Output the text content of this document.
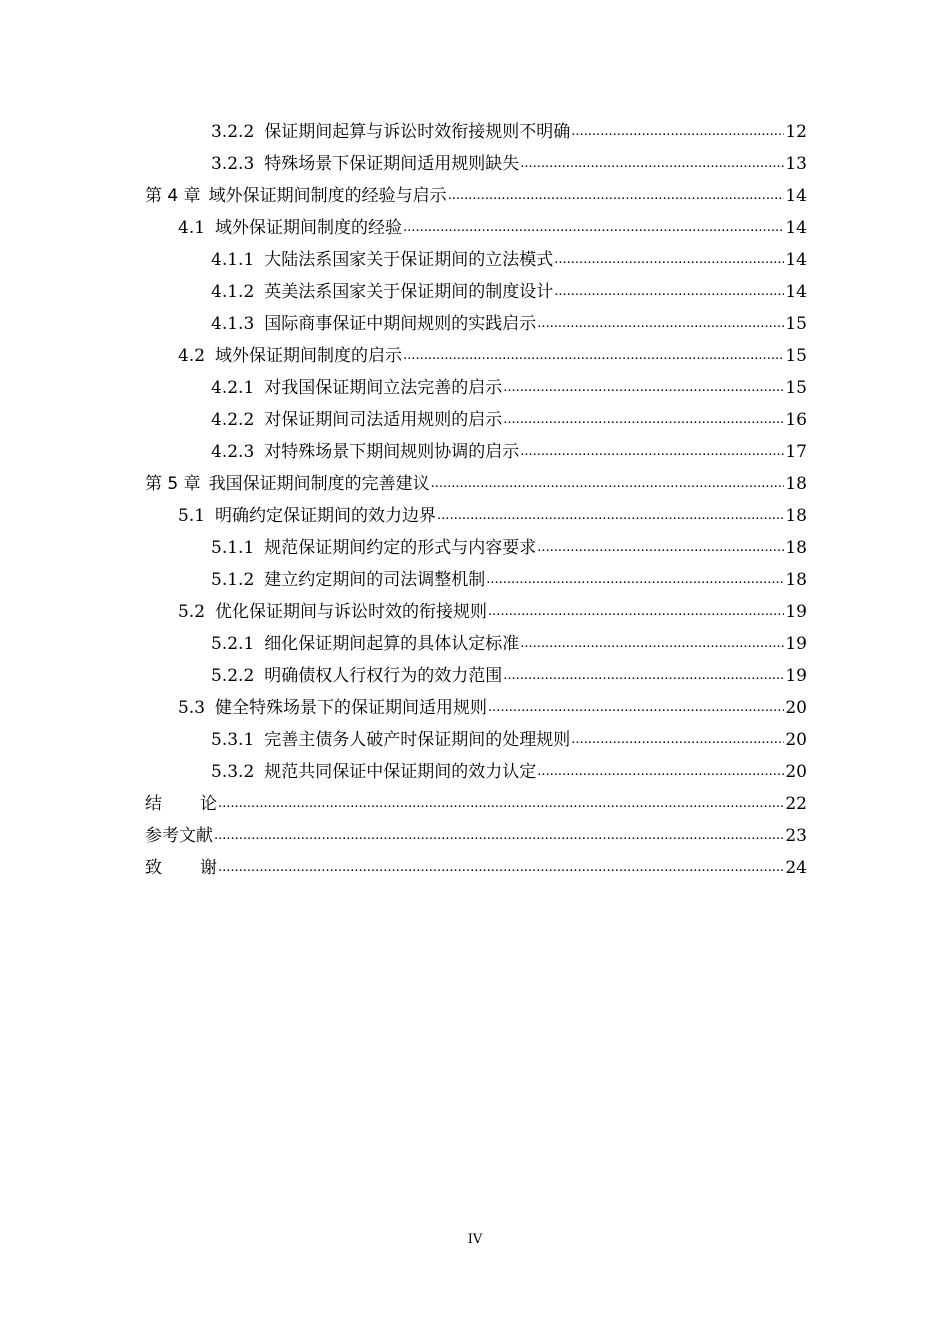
3.2.2 保证期间起算与诉讼时效衔接规则不明确 .....	12
3.2.3 特殊场景下保证期间适用规则缺失 .....	13
第 4 章 域外保证期间制度的经验与启示 .....	14
4.1 域外保证期间制度的经验 .....	14
4.1.1 大陆法系国家关于保证期间的立法模式 .....	14
4.1.2 英美法系国家关于保证期间的制度设计 .....	14
4.1.3 国际商事保证中期间规则的实践启示 .....	15
4.2 域外保证期间制度的启示 .....	15
4.2.1 对我国保证期间立法完善的启示 .....	15
4.2.2 对保证期间司法适用规则的启示 .....	16
4.2.3 对特殊场景下期间规则协调的启示 .....	17
第 5 章 我国保证期间制度的完善建议 .....	18
5.1 明确约定保证期间的效力边界 .....	18
5.1.1 规范保证期间约定的形式与内容要求 .....	18
5.1.2 建立约定期间的司法调整机制 .....	18
5.2 优化保证期间与诉讼时效的衔接规则 .....	19
5.2.1 细化保证期间起算的具体认定标准 .....	19
5.2.2 明确债权人行权行为的效力范围 .....	19
5.3 健全特殊场景下的保证期间适用规则 .....	20
5.3.1 完善主债务人破产时保证期间的处理规则 .....	20
5.3.2 规范共同保证中保证期间的效力认定 .....	20
结 论 .....	22
参考文献 .....	23
致 谢 .....	24
IV
